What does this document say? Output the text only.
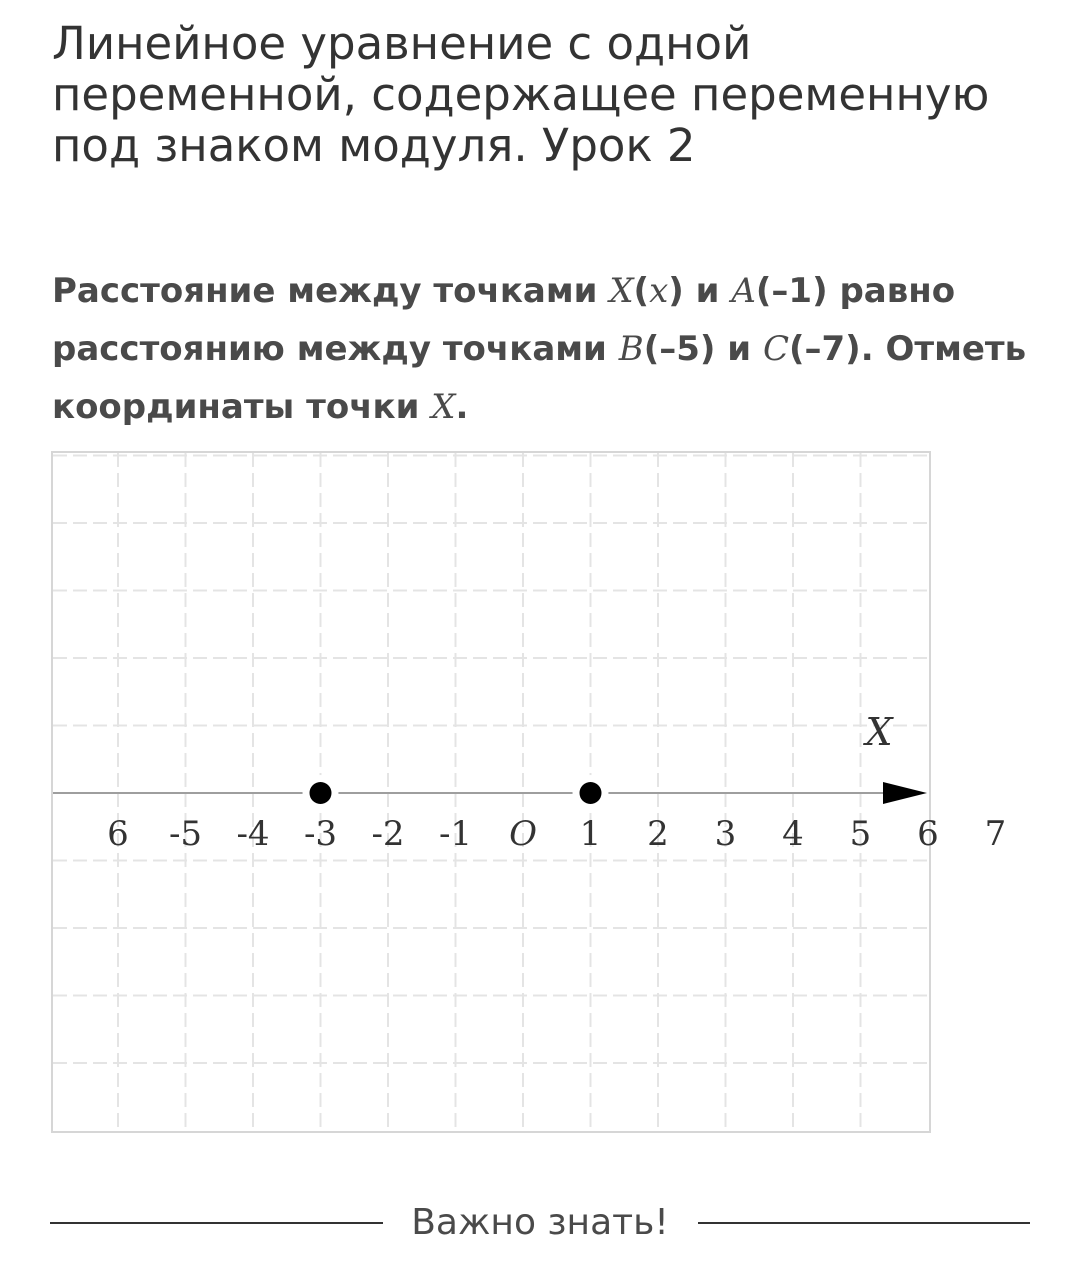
Линейное уравнение с одной переменной, содержащее переменную под знаком модуля. Урок 2
Расстояние между точками X(x) и A(–1) равно расстоянию между точками B(–5) и C(–7). Отметь координаты точки X.
X
6 -5 -4 -3 -2 -1	1 2 3 4 5 6 7
O
Важно знать!
